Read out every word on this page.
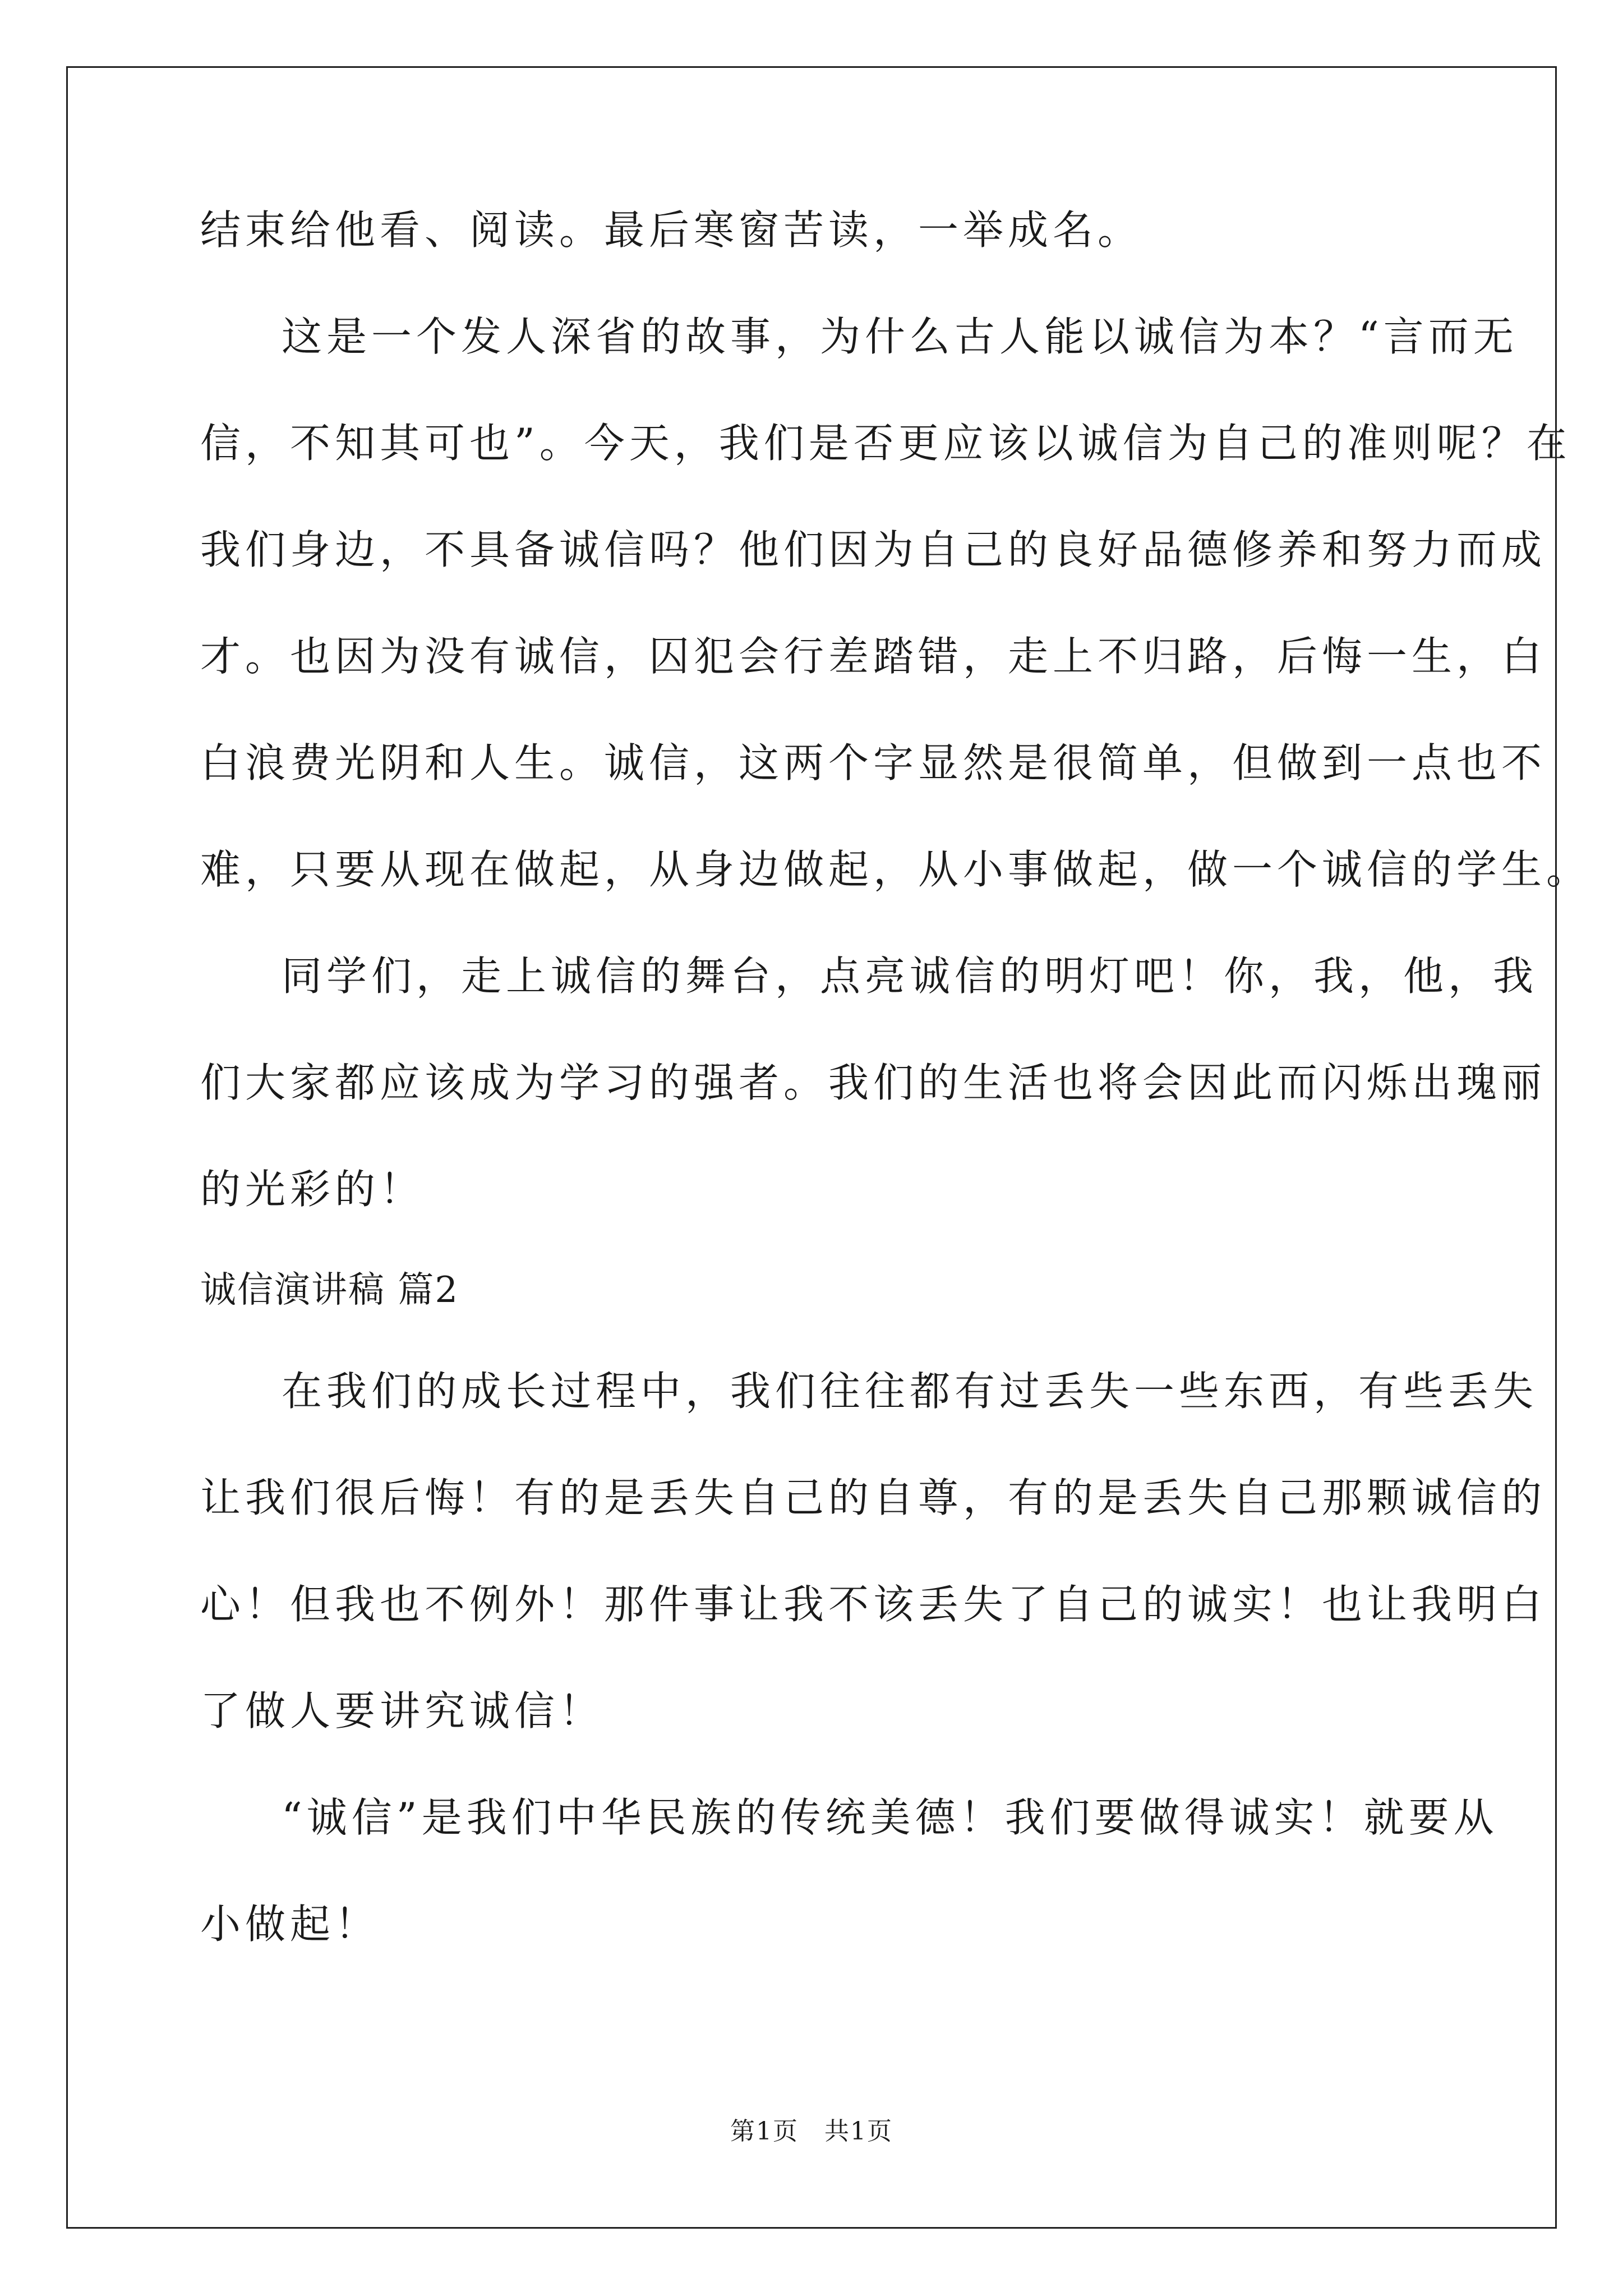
结束给他看、阅读。最后寒窗苦读，一举成名。
这是一个发人深省的故事，为什么古人能以诚信为本？“言而无
信，不知其可也”。今天，我们是否更应该以诚信为自己的准则呢？在
我们身边，不具备诚信吗？他们因为自己的良好品德修养和努力而成
才。也因为没有诚信，囚犯会行差踏错，走上不归路，后悔一生，白
白浪费光阴和人生。诚信，这两个字显然是很简单，但做到一点也不
难，只要从现在做起，从身边做起，从小事做起，做一个诚信的学生。
同学们，走上诚信的舞台，点亮诚信的明灯吧！你，我，他，我
们大家都应该成为学习的强者。我们的生活也将会因此而闪烁出瑰丽
的光彩的！
诚信演讲稿 篇2
在我们的成长过程中，我们往往都有过丢失一些东西，有些丢失
让我们很后悔！有的是丢失自己的自尊，有的是丢失自己那颗诚信的
心！但我也不例外！那件事让我不该丢失了自己的诚实！也让我明白
了做人要讲究诚信！
“诚信”是我们中华民族的传统美德！我们要做得诚实！就要从
小做起！
第1页　共1页
